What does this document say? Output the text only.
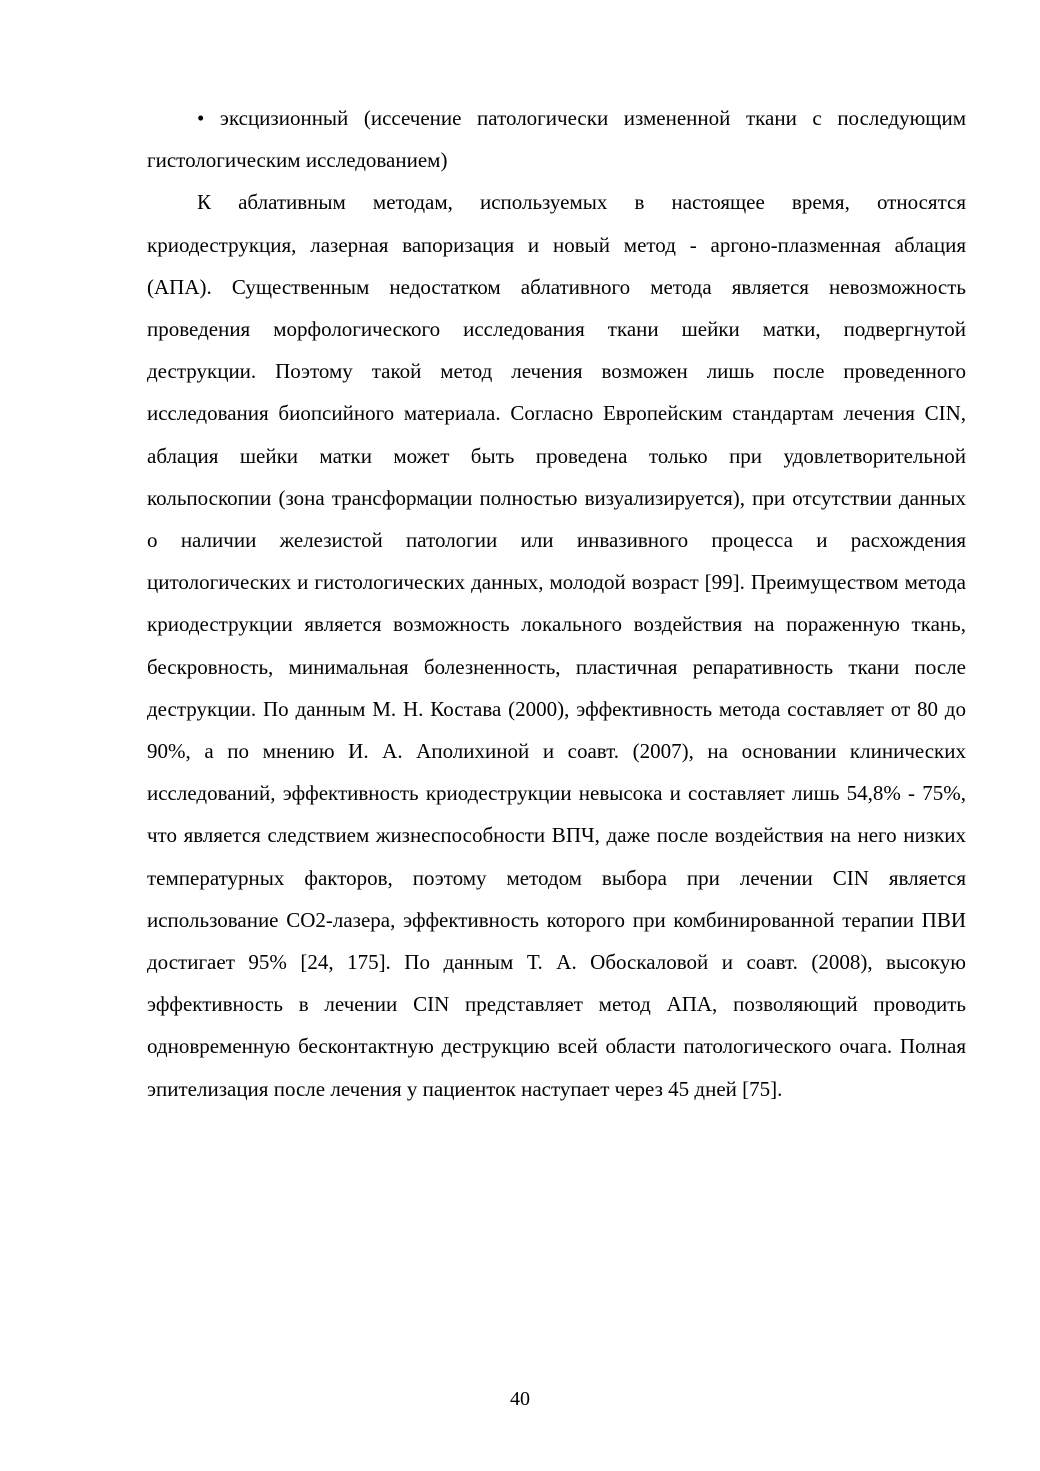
• эксцизионный (иссечение патологически измененной ткани с последующим гистологическим исследованием)

К аблативным методам, используемых в настоящее время, относятся криодеструкция, лазерная вапоризация и новый метод - аргоно-плазменная аблация (АПА). Существенным недостатком аблативного метода является невозможность проведения морфологического исследования ткани шейки матки, подвергнутой деструкции. Поэтому такой метод лечения возможен лишь после проведенного исследования биопсийного материала. Согласно Европейским стандартам лечения CIN, аблация шейки матки может быть проведена только при удовлетворительной кольпоскопии (зона трансформации полностью визуализируется), при отсутствии данных о наличии железистой патологии или инвазивного процесса и расхождения цитологических и гистологических данных, молодой возраст [99]. Преимуществом метода криодеструкции является возможность локального воздействия на пораженную ткань, бескровность, минимальная болезненность, пластичная репаративность ткани после деструкции. По данным М. Н. Костава (2000), эффективность метода составляет от 80 до 90%, а по мнению И. А. Аполихиной и соавт. (2007), на основании клинических исследований, эффективность криодеструкции невысока и составляет лишь 54,8% - 75%, что является следствием жизнеспособности ВПЧ, даже после воздействия на него низких температурных факторов, поэтому методом выбора при лечении CIN является использование СО2-лазера, эффективность которого при комбинированной терапии ПВИ достигает 95% [24, 175]. По данным Т. А. Обоскаловой и соавт. (2008), высокую эффективность в лечении CIN представляет метод АПА, позволяющий проводить одновременную бесконтактную деструкцию всей области патологического очага. Полная эпителизация после лечения у пациенток наступает через 45 дней [75].

40
